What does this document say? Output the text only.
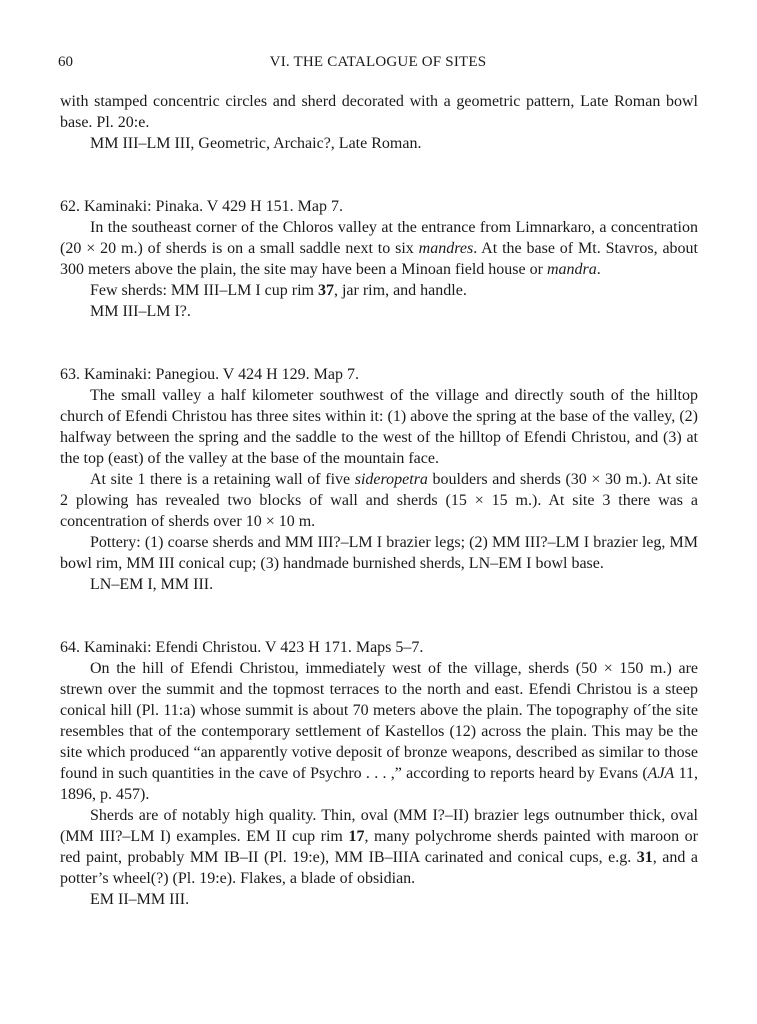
60	VI. THE CATALOGUE OF SITES

with stamped concentric circles and sherd decorated with a geometric pattern, Late Roman bowl base. Pl. 20:e.

MM III–LM III, Geometric, Archaic?, Late Roman.

62. Kaminaki: Pinaka. V 429 H 151. Map 7.

In the southeast corner of the Chloros valley at the entrance from Limnarkaro, a concentration (20 × 20 m.) of sherds is on a small saddle next to six mandres. At the base of Mt. Stavros, about 300 meters above the plain, the site may have been a Minoan field house or mandra.

Few sherds: MM III–LM I cup rim 37, jar rim, and handle.

MM III–LM I?.

63. Kaminaki: Panegiou. V 424 H 129. Map 7.

The small valley a half kilometer southwest of the village and directly south of the hilltop church of Efendi Christou has three sites within it: (1) above the spring at the base of the valley, (2) halfway between the spring and the saddle to the west of the hilltop of Efendi Christou, and (3) at the top (east) of the valley at the base of the mountain face.

At site 1 there is a retaining wall of five sideropetra boulders and sherds (30 × 30 m.). At site 2 plowing has revealed two blocks of wall and sherds (15 × 15 m.). At site 3 there was a concentration of sherds over 10 × 10 m.

Pottery: (1) coarse sherds and MM III?–LM I brazier legs; (2) MM III?–LM I brazier leg, MM bowl rim, MM III conical cup; (3) handmade burnished sherds, LN–EM I bowl base.

LN–EM I, MM III.

64. Kaminaki: Efendi Christou. V 423 H 171. Maps 5–7.

On the hill of Efendi Christou, immediately west of the village, sherds (50 × 150 m.) are strewn over the summit and the topmost terraces to the north and east. Efendi Christou is a steep conical hill (Pl. 11:a) whose summit is about 70 meters above the plain. The topography of´the site resembles that of the contemporary settlement of Kastellos (12) across the plain. This may be the site which produced “an apparently votive deposit of bronze weapons, described as similar to those found in such quantities in the cave of Psychro . . . ,” according to reports heard by Evans (AJA 11, 1896, p. 457).

Sherds are of notably high quality. Thin, oval (MM I?–II) brazier legs outnumber thick, oval (MM III?–LM I) examples. EM II cup rim 17, many polychrome sherds painted with maroon or red paint, probably MM IB–II (Pl. 19:e), MM IB–IIIA carinated and conical cups, e.g. 31, and a potter’s wheel(?) (Pl. 19:e). Flakes, a blade of obsidian.

EM II–MM III.
